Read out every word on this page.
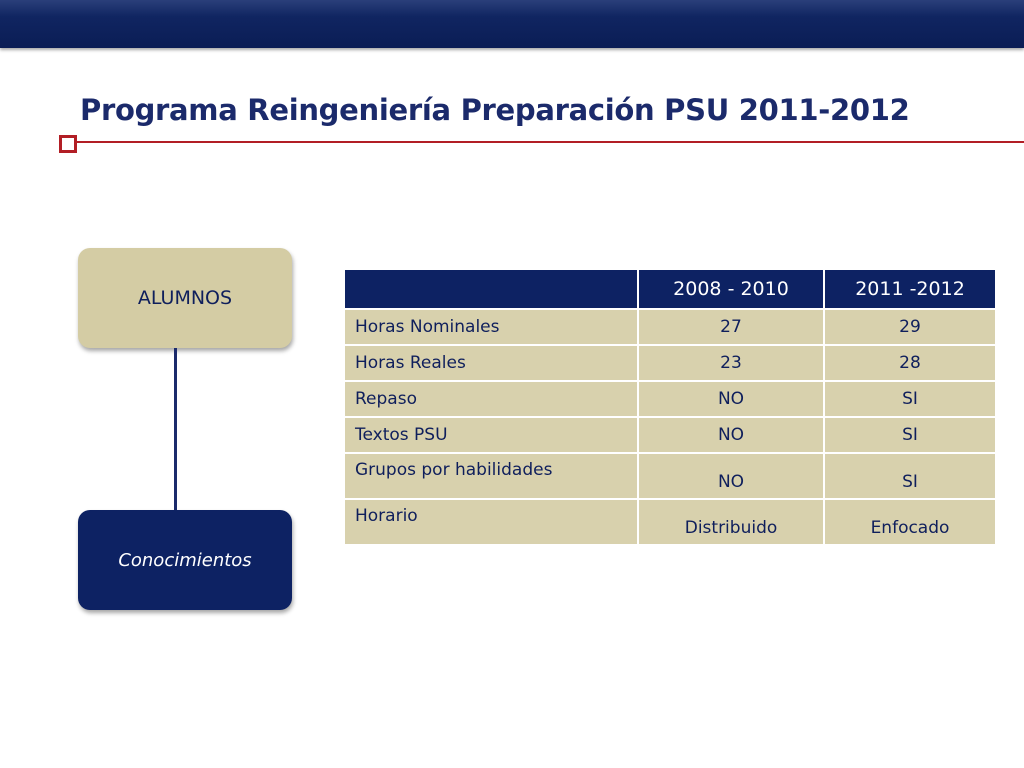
Programa Reingeniería Preparación PSU 2011-2012
ALUMNOS
Conocimientos
	2008 - 2010	2011 -2012
Horas Nominales	27	29
Horas Reales	23	28
Repaso	NO	SI
Textos PSU	NO	SI
Grupos por habilidades	NO	SI
Horario	Distribuido	Enfocado
